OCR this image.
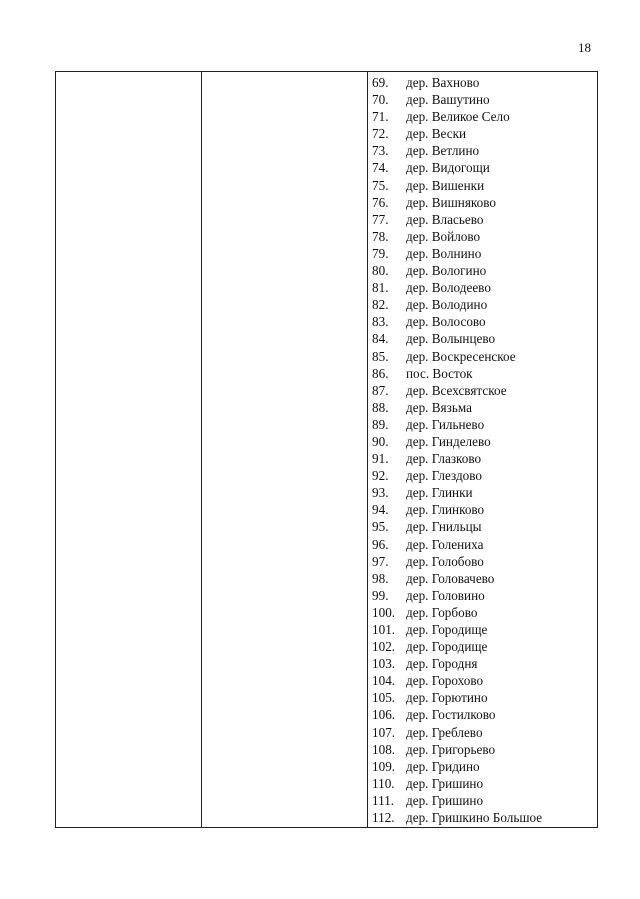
18
69. дер. Вахново
70. дер. Вашутино
71. дер. Великое Село
72. дер. Вески
73. дер. Ветлино
74. дер. Видогощи
75. дер. Вишенки
76. дер. Вишняково
77. дер. Власьево
78. дер. Войлово
79. дер. Волнино
80. дер. Вологино
81. дер. Володеево
82. дер. Володино
83. дер. Волосово
84. дер. Волынцево
85. дер. Воскресенское
86. пос. Восток
87. дер. Всехсвятское
88. дер. Вязьма
89. дер. Гильнево
90. дер. Гинделево
91. дер. Глазково
92. дер. Глездово
93. дер. Глинки
94. дер. Глинково
95. дер. Гнильцы
96. дер. Голениха
97. дер. Голобово
98. дер. Головачево
99. дер. Головино
100. дер. Горбово
101. дер. Городище
102. дер. Городище
103. дер. Городня
104. дер. Горохово
105. дер. Горютино
106. дер. Гостилково
107. дер. Греблево
108. дер. Григорьево
109. дер. Гридино
110. дер. Гришино
111. дер. Гришино
112. дер. Гришкино Большое
